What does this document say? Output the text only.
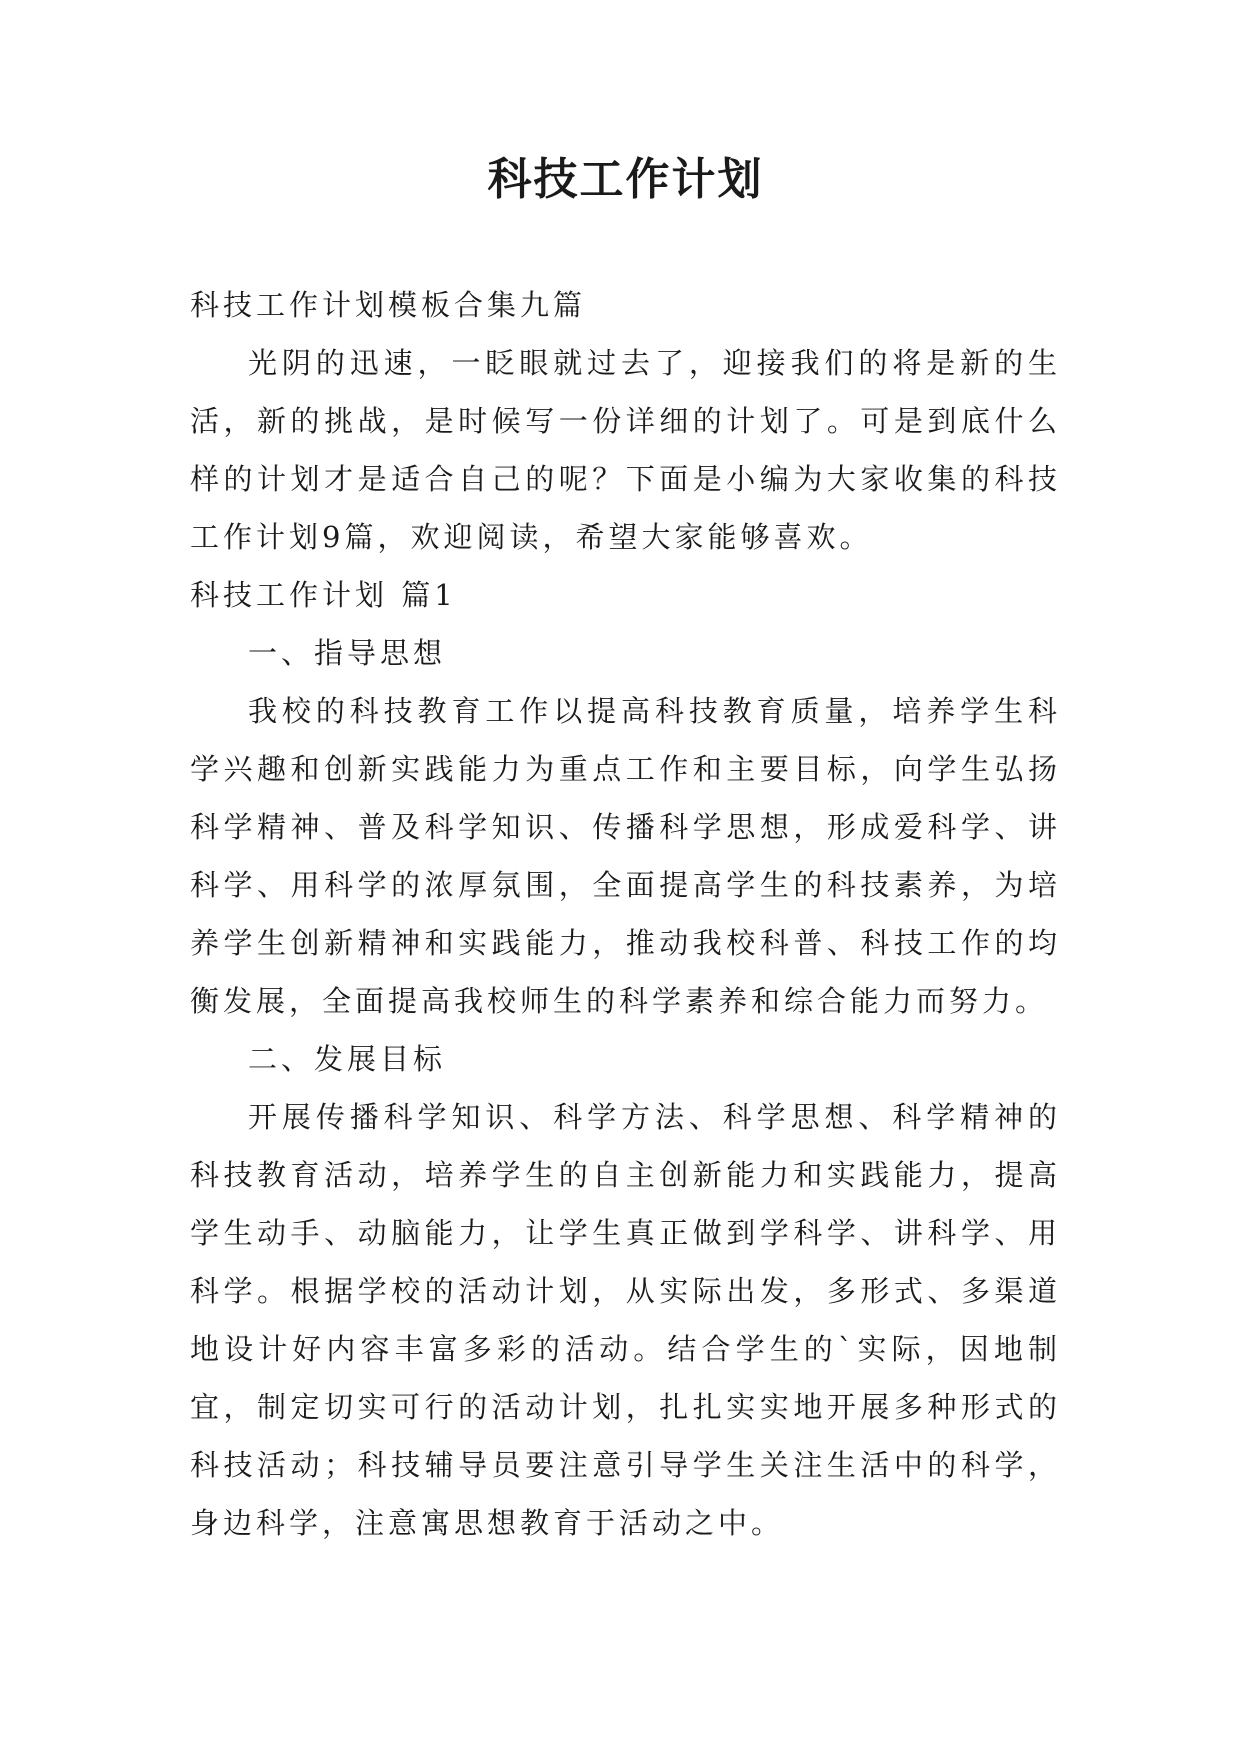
科技工作计划

科技工作计划模板合集九篇

光阴的迅速，一眨眼就过去了，迎接我们的将是新的生活，新的挑战，是时候写一份详细的计划了。可是到底什么样的计划才是适合自己的呢？下面是小编为大家收集的科技工作计划9篇，欢迎阅读，希望大家能够喜欢。

科技工作计划 篇1

一、指导思想

我校的科技教育工作以提高科技教育质量，培养学生科学兴趣和创新实践能力为重点工作和主要目标，向学生弘扬科学精神、普及科学知识、传播科学思想，形成爱科学、讲科学、用科学的浓厚氛围，全面提高学生的科技素养，为培养学生创新精神和实践能力，推动我校科普、科技工作的均衡发展，全面提高我校师生的科学素养和综合能力而努力。

二、发展目标

开展传播科学知识、科学方法、科学思想、科学精神的科技教育活动，培养学生的自主创新能力和实践能力，提高学生动手、动脑能力，让学生真正做到学科学、讲科学、用科学。根据学校的活动计划，从实际出发，多形式、多渠道地设计好内容丰富多彩的活动。结合学生的`实际，因地制宜，制定切实可行的活动计划，扎扎实实地开展多种形式的科技活动；科技辅导员要注意引导学生关注生活中的科学，身边科学，注意寓思想教育于活动之中。
